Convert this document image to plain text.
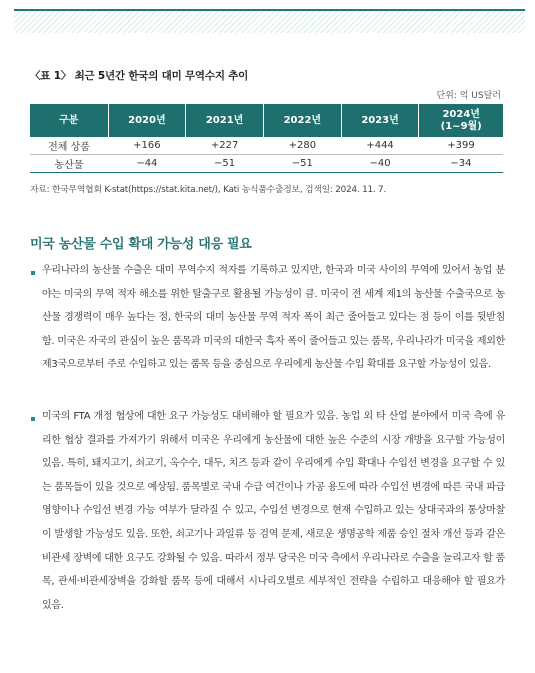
〈표 1〉 최근 5년간 한국의 대미 무역수지 추이
단위: 억 US달러
구분	2020년	2021년	2022년	2023년	2024년
(1~9월)
전체 상품	+166	+227	+280	+444	+399
농산물	−44	−51	−51	−40	−34
자료: 한국무역협회 K-stat(https://stat.kita.net/), Kati 농식품수출정보, 검색일: 2024. 11. 7.
미국 농산물 수입 확대 가능성 대응 필요
우리나라의 농산물 수출은 대미 무역수지 적자를 기록하고 있지만, 한국과 미국 사이의 무역에 있어서 농업 분야는 미국의 무역 적자 해소를 위한 탈출구로 활용될 가능성이 큼. 미국이 전 세계 제1의 농산물 수출국으로 농산물 경쟁력이 매우 높다는 점, 한국의 대미 농산물 무역 적자 폭이 최근 줄어들고 있다는 점 등이 이를 뒷받침함. 미국은 자국의 관심이 높은 품목과 미국의 대한국 흑자 폭이 줄어들고 있는 품목, 우리나라가 미국을 제외한 제3국으로부터 주로 수입하고 있는 품목 등을 중심으로 우리에게 농산물 수입 확대를 요구할 가능성이 있음.
미국의 FTA 개정 협상에 대한 요구 가능성도 대비해야 할 필요가 있음. 농업 외 타 산업 분야에서 미국 측에 유리한 협상 결과를 가져가기 위해서 미국은 우리에게 농산물에 대한 높은 수준의 시장 개방을 요구할 가능성이 있음. 특히, 돼지고기, 쇠고기, 옥수수, 대두, 치즈 등과 같이 우리에게 수입 확대나 수입선 변경을 요구할 수 있는 품목들이 있을 것으로 예상됨. 품목별로 국내 수급 여건이나 가공 용도에 따라 수입선 변경에 따른 국내 파급 영향이나 수입선 변경 가능 여부가 달라질 수 있고, 수입선 변경으로 현재 수입하고 있는 상대국과의 통상마찰이 발생할 가능성도 있음. 또한, 쇠고기나 과일류 등 검역 문제, 새로운 생명공학 제품 승인 절차 개선 등과 같은 비관세 장벽에 대한 요구도 강화될 수 있음. 따라서 정부 당국은 미국 측에서 우리나라로 수출을 늘리고자 할 품목, 관세·비관세장벽을 강화할 품목 등에 대해서 시나리오별로 세부적인 전략을 수립하고 대응해야 할 필요가 있음.
